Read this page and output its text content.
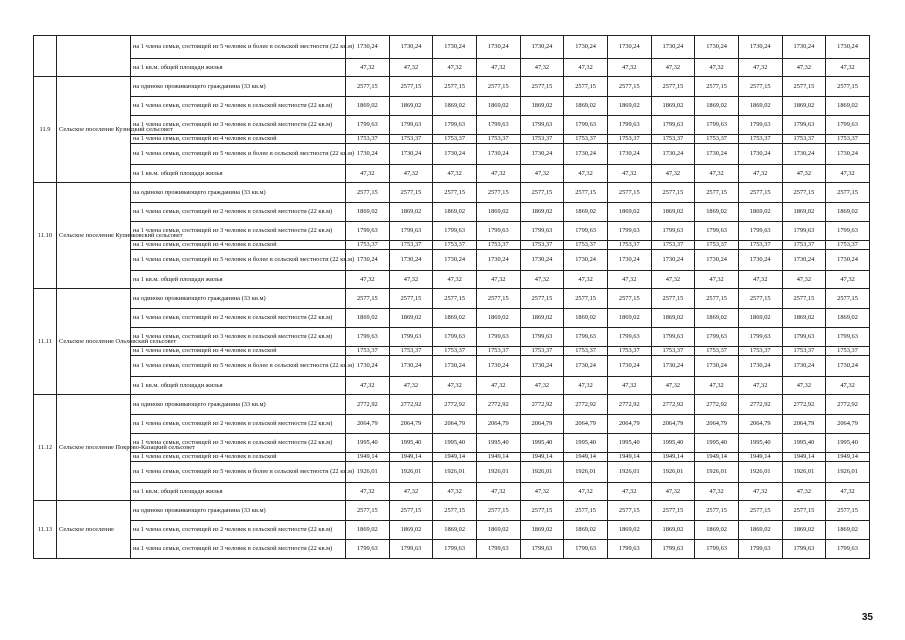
		на 1 члена семьи, состоящей из 5 человек и более в сельской местности (22 кв.м)	1730,24	1730,24	1730,24	1730,24	1730,24	1730,24	1730,24	1730,24	1730,24	1730,24	1730,24	1730,24
		на 1 кв.м. общей площади жилья	47,32	47,32	47,32	47,32	47,32	47,32	47,32	47,32	47,32	47,32	47,32	47,32
11.9	Сельское поселение Кузнецкий сельсовет	на одиноко проживающего гражданина (33 кв.м)	2577,15	2577,15	2577,15	2577,15	2577,15	2577,15	2577,15	2577,15	2577,15	2577,15	2577,15	2577,15
		на 1 члена семьи, состоящей из 2 человек в сельской местности (22 кв.м)	1869,02	1869,02	1869,02	1869,02	1869,02	1869,02	1869,02	1869,02	1869,02	1869,02	1869,02	1869,02
		на 1 члена семьи, состоящей из 3 человек в сельской местности (22 кв.м)	1799,63	1799,63	1799,63	1799,63	1799,63	1799,63	1799,63	1799,63	1799,63	1799,63	1799,63	1799,63
		на 1 члена семьи, состоящей из 4 человек в сельской	1753,37	1753,37	1753,37	1753,37	1753,37	1753,37	1753,37	1753,37	1753,37	1753,37	1753,37	1753,37
		на 1 члена семьи, состоящей из 5 человек и более в сельской местности (22 кв.м)	1730,24	1730,24	1730,24	1730,24	1730,24	1730,24	1730,24	1730,24	1730,24	1730,24	1730,24	1730,24
		на 1 кв.м. общей площади жилья	47,32	47,32	47,32	47,32	47,32	47,32	47,32	47,32	47,32	47,32	47,32	47,32
11.10	Сельское поселение Купинковский сельсовет	на одиноко проживающего гражданина (33 кв.м)	2577,15	2577,15	2577,15	2577,15	2577,15	2577,15	2577,15	2577,15	2577,15	2577,15	2577,15	2577,15
		на 1 члена семьи, состоящей из 2 человек в сельской местности (22 кв.м)	1869,02	1869,02	1869,02	1869,02	1869,02	1869,02	1869,02	1869,02	1869,02	1869,02	1869,02	1869,02
		на 1 члена семьи, состоящей из 3 человек в сельской местности (22 кв.м)	1799,63	1799,63	1799,63	1799,63	1799,63	1799,63	1799,63	1799,63	1799,63	1799,63	1799,63	1799,63
		на 1 члена семьи, состоящей из 4 человек в сельской	1753,37	1753,37	1753,37	1753,37	1753,37	1753,37	1753,37	1753,37	1753,37	1753,37	1753,37	1753,37
		на 1 члена семьи, состоящей из 5 человек и более в сельской местности (22 кв.м)	1730,24	1730,24	1730,24	1730,24	1730,24	1730,24	1730,24	1730,24	1730,24	1730,24	1730,24	1730,24
		на 1 кв.м. общей площади жилья	47,32	47,32	47,32	47,32	47,32	47,32	47,32	47,32	47,32	47,32	47,32	47,32
11.11	Сельское поселение Ольховский сельсовет	на одиноко проживающего гражданина (33 кв.м)	2577,15	2577,15	2577,15	2577,15	2577,15	2577,15	2577,15	2577,15	2577,15	2577,15	2577,15	2577,15
		на 1 члена семьи, состоящей из 2 человек в сельской местности (22 кв.м)	1869,02	1869,02	1869,02	1869,02	1869,02	1869,02	1869,02	1869,02	1869,02	1869,02	1869,02	1869,02
		на 1 члена семьи, состоящей из 3 человек в сельской местности (22 кв.м)	1799,63	1799,63	1799,63	1799,63	1799,63	1799,63	1799,63	1799,63	1799,63	1799,63	1799,63	1799,63
		на 1 члена семьи, состоящей из 4 человек в сельской	1753,37	1753,37	1753,37	1753,37	1753,37	1753,37	1753,37	1753,37	1753,37	1753,37	1753,37	1753,37
		на 1 члена семьи, состоящей из 5 человек и более в сельской местности (22 кв.м)	1730,24	1730,24	1730,24	1730,24	1730,24	1730,24	1730,24	1730,24	1730,24	1730,24	1730,24	1730,24
		на 1 кв.м. общей площади жилья	47,32	47,32	47,32	47,32	47,32	47,32	47,32	47,32	47,32	47,32	47,32	47,32
11.12	Сельское поселение Покрово-Казацкий сельсовет	на одиноко проживающего гражданина (33 кв.м)	2772,92	2772,92	2772,92	2772,92	2772,92	2772,92	2772,92	2772,92	2772,92	2772,92	2772,92	2772,92
		на 1 члена семьи, состоящей из 2 человек в сельской местности (22 кв.м)	2064,79	2064,79	2064,79	2064,79	2064,79	2064,79	2064,79	2064,79	2064,79	2064,79	2064,79	2064,79
		на 1 члена семьи, состоящей из 3 человек в сельской местности (22 кв.м)	1995,40	1995,40	1995,40	1995,40	1995,40	1995,40	1995,40	1995,40	1995,40	1995,40	1995,40	1995,40
		на 1 члена семьи, состоящей из 4 человек в сельской	1949,14	1949,14	1949,14	1949,14	1949,14	1949,14	1949,14	1949,14	1949,14	1949,14	1949,14	1949,14
		на 1 члена семьи, состоящей из 5 человек и более в сельской местности (22 кв.м)	1926,01	1926,01	1926,01	1926,01	1926,01	1926,01	1926,01	1926,01	1926,01	1926,01	1926,01	1926,01
		на 1 кв.м. общей площади жилья	47,32	47,32	47,32	47,32	47,32	47,32	47,32	47,32	47,32	47,32	47,32	47,32
11.13	Сельское поселение	на одиноко проживающего гражданина (33 кв.м)	2577,15	2577,15	2577,15	2577,15	2577,15	2577,15	2577,15	2577,15	2577,15	2577,15	2577,15	2577,15
		на 1 члена семьи, состоящей из 2 человек в сельской местности (22 кв.м)	1869,02	1869,02	1869,02	1869,02	1869,02	1869,02	1869,02	1869,02	1869,02	1869,02	1869,02	1869,02
		на 1 члена семьи, состоящей из 3 человек в сельской местности (22 кв.м)	1799,63	1799,63	1799,63	1799,63	1799,63	1799,63	1799,63	1799,63	1799,63	1799,63	1799,63	1799,63
35
